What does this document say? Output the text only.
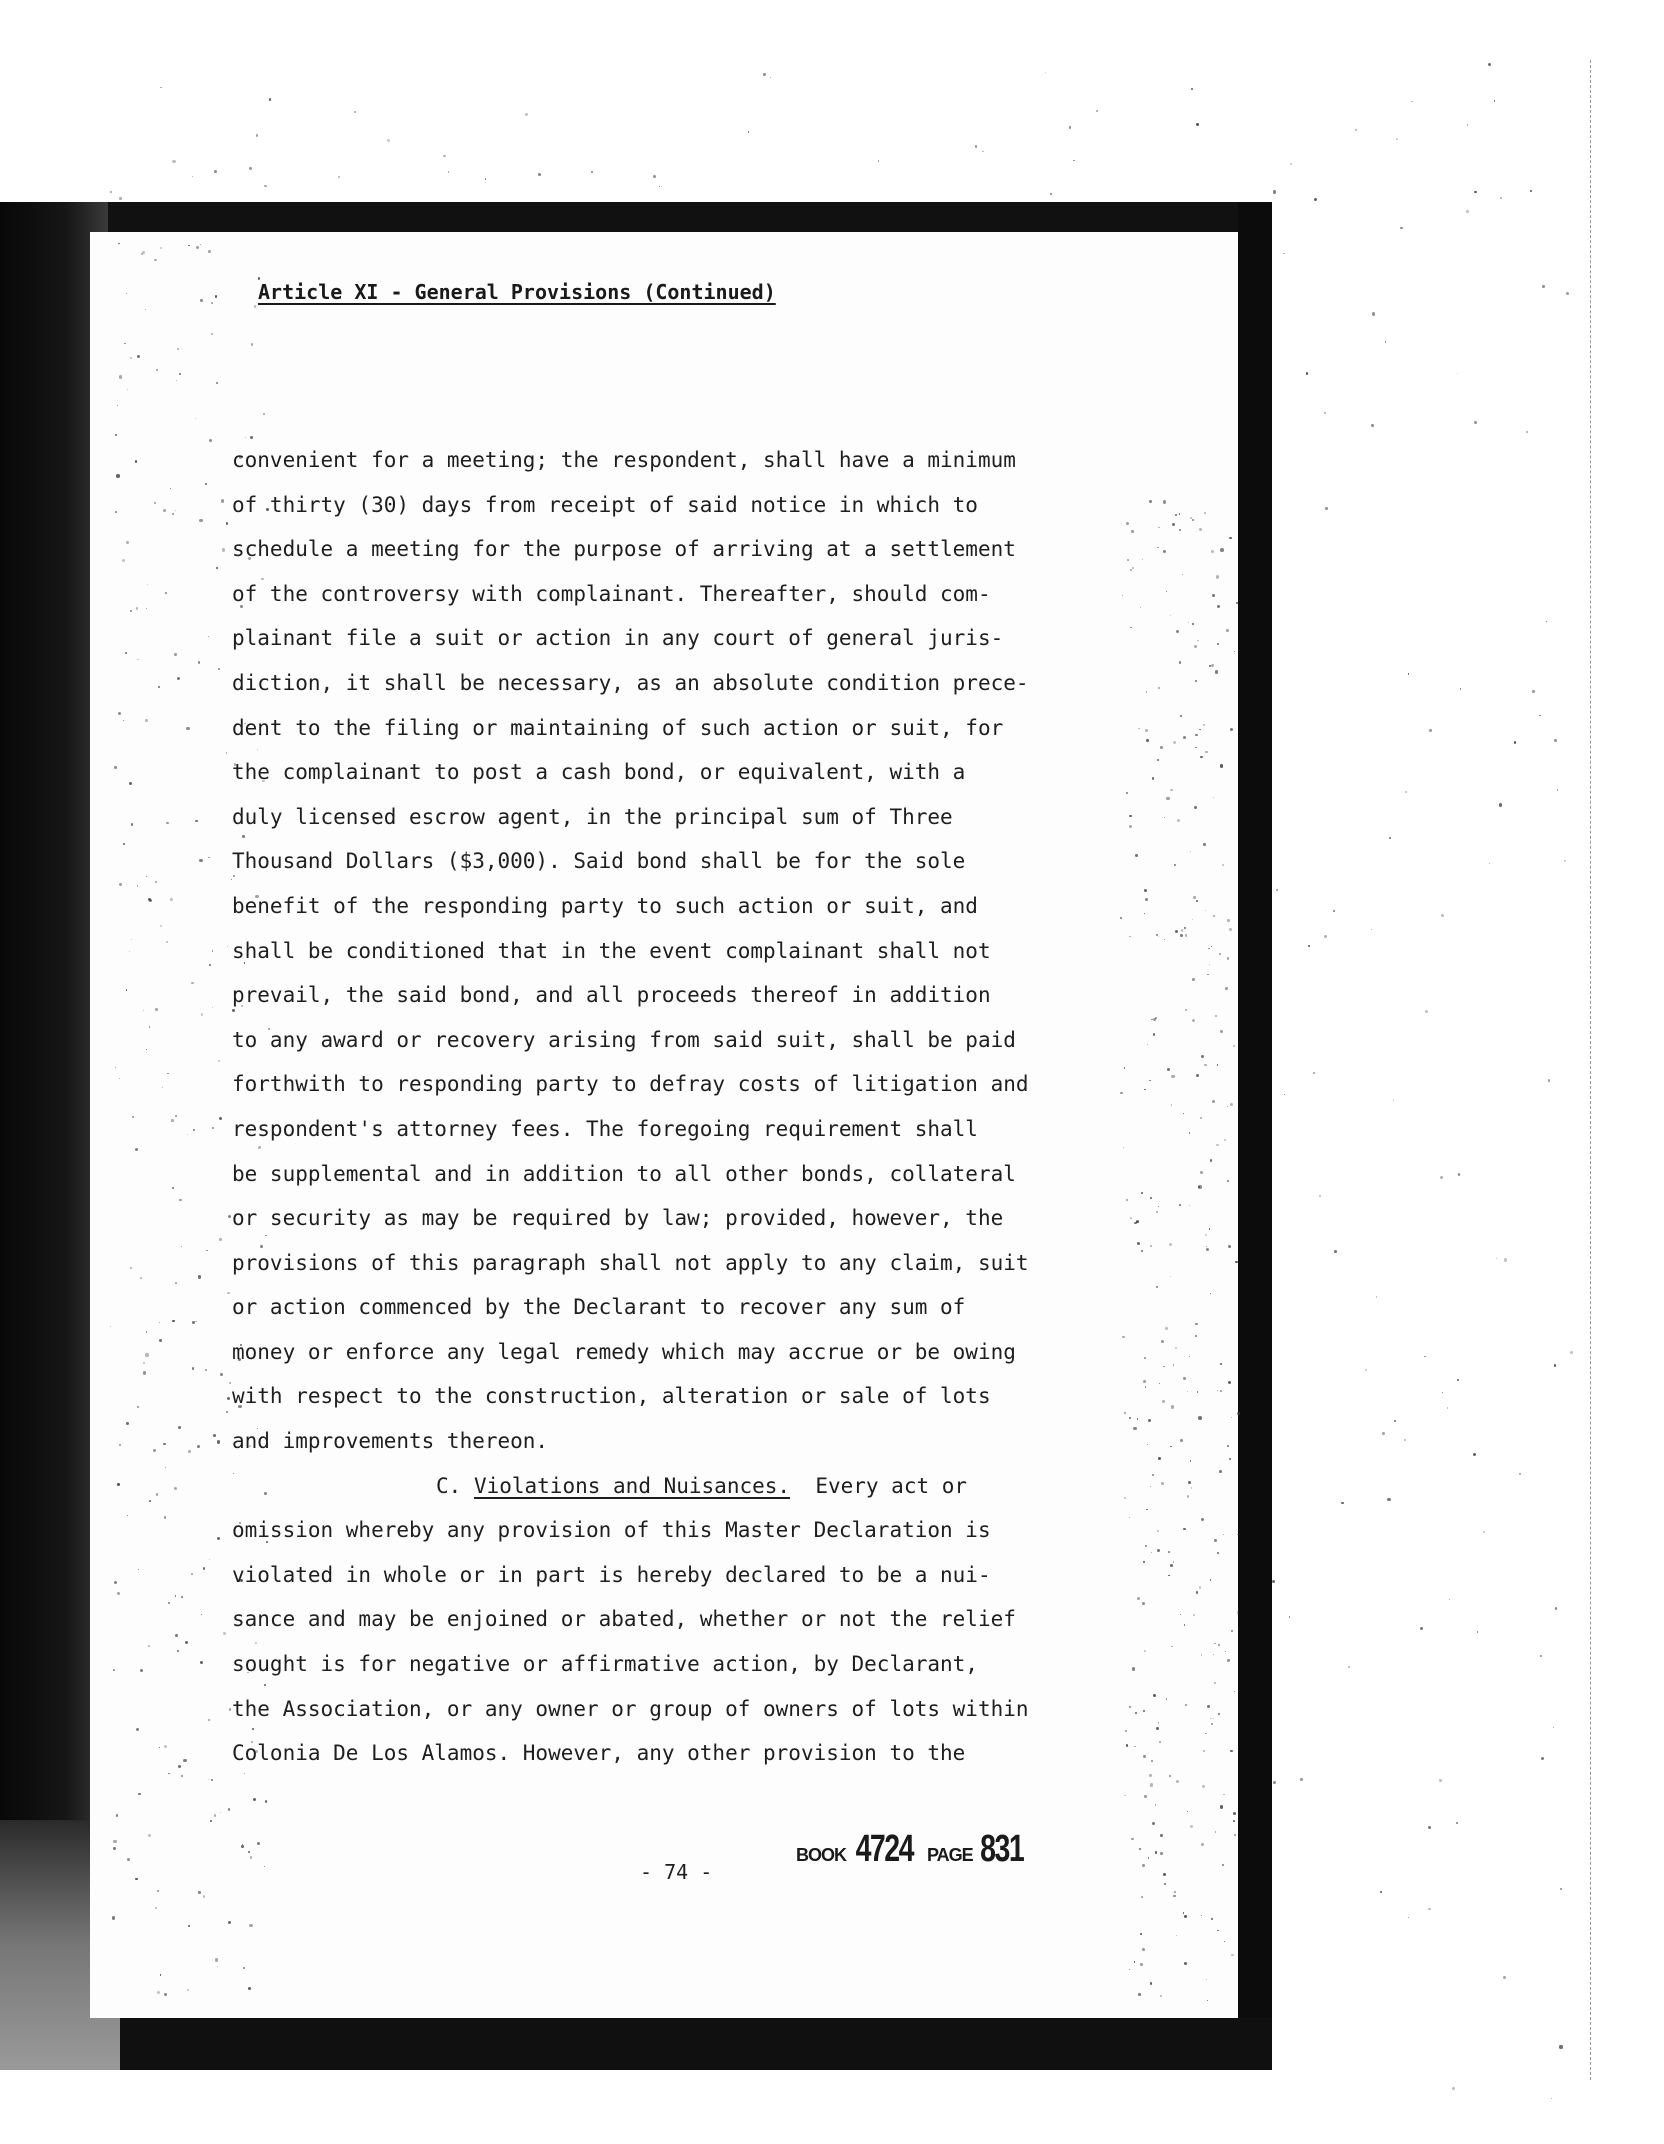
Article XI - General Provisions (Continued)
convenient for a meeting; the respondent, shall have a minimum
of thirty (30) days from receipt of said notice in which to
schedule a meeting for the purpose of arriving at a settlement
of the controversy with complainant. Thereafter, should com-
plainant file a suit or action in any court of general juris-
diction, it shall be necessary, as an absolute condition prece-
dent to the filing or maintaining of such action or suit, for
the complainant to post a cash bond, or equivalent, with a
duly licensed escrow agent, in the principal sum of Three
Thousand Dollars ($3,000). Said bond shall be for the sole
benefit of the responding party to such action or suit, and
shall be conditioned that in the event complainant shall not
prevail, the said bond, and all proceeds thereof in addition
to any award or recovery arising from said suit, shall be paid
forthwith to responding party to defray costs of litigation and
respondent's attorney fees. The foregoing requirement shall
be supplemental and in addition to all other bonds, collateral
or security as may be required by law; provided, however, the
provisions of this paragraph shall not apply to any claim, suit
or action commenced by the Declarant to recover any sum of
money or enforce any legal remedy which may accrue or be owing
with respect to the construction, alteration or sale of lots
and improvements thereon.
C. Violations and Nuisances.  Every act or
omission whereby any provision of this Master Declaration is
violated in whole or in part is hereby declared to be a nui-
sance and may be enjoined or abated, whether or not the relief
sought is for negative or affirmative action, by Declarant,
the Association, or any owner or group of owners of lots within
Colonia De Los Alamos. However, any other provision to the
- 74 -
BOOK 4724 PAGE 831
